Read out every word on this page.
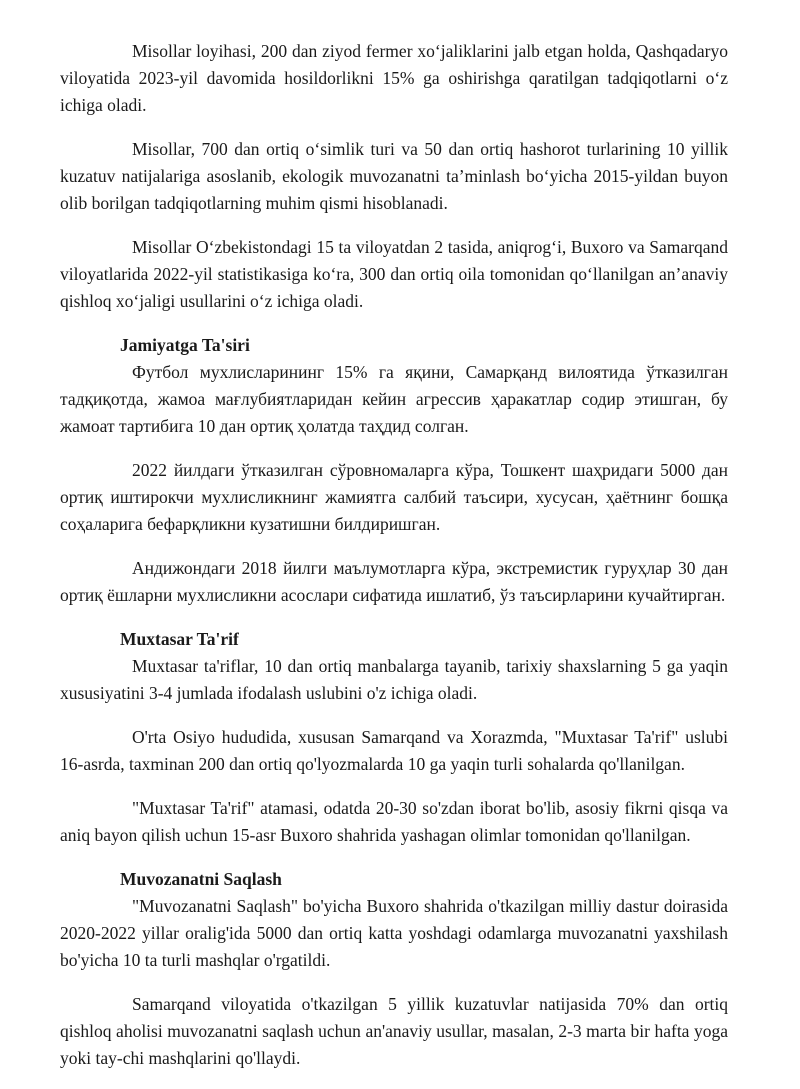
Misollar loyihasi, 200 dan ziyod fermer xo‘jaliklarini jalb etgan holda, Qashqadaryo viloyatida 2023-yil davomida hosildorlikni 15% ga oshirishga qaratilgan tadqiqotlarni o‘z ichiga oladi.

Misollar, 700 dan ortiq o‘simlik turi va 50 dan ortiq hashorot turlarining 10 yillik kuzatuv natijalariga asoslanib, ekologik muvozanatni ta’minlash bo‘yicha 2015-yildan buyon olib borilgan tadqiqotlarning muhim qismi hisoblanadi.

Misollar O‘zbekistondagi 15 ta viloyatdan 2 tasida, aniqrog‘i, Buxoro va Samarqand viloyatlarida 2022-yil statistikasiga ko‘ra, 300 dan ortiq oila tomonidan qo‘llanilgan an’anaviy qishloq xo‘jaligi usullarini o‘z ichiga oladi.

Jamiyatga Ta'siri

Футбол мухлисларининг 15% га яқини, Самарқанд вилоятида ўтказилган тадқиқотда, жамоа мағлубиятларидан кейин агрессив ҳаракатлар содир этишган, бу жамоат тартибига 10 дан ортиқ ҳолатда таҳдид солган.

2022 йилдаги ўтказилган сўровномаларга кўра, Тошкент шаҳридаги 5000 дан ортиқ иштирокчи мухлисликнинг жамиятга салбий таъсири, хусусан, ҳаётнинг бошқа соҳаларига бефарқликни кузатишни билдиришган.

Андижондаги 2018 йилги маълумотларга кўра, экстремистик гуруҳлар 30 дан ортиқ ёшларни мухлисликни асослари сифатида ишлатиб, ўз таъсирларини кучайтирган.

Muxtasar Ta'rif

Muxtasar ta'riflar, 10 dan ortiq manbalarga tayanib, tarixiy shaxslarning 5 ga yaqin xususiyatini 3-4 jumlada ifodalash uslubini o'z ichiga oladi.

O'rta Osiyo hududida, xususan Samarqand va Xorazmda, "Muxtasar Ta'rif" uslubi 16-asrda, taxminan 200 dan ortiq qo'lyozmalarda 10 ga yaqin turli sohalarda qo'llanilgan.

"Muxtasar Ta'rif" atamasi, odatda 20-30 so'zdan iborat bo'lib, asosiy fikrni qisqa va aniq bayon qilish uchun 15-asr Buxoro shahrida yashagan olimlar tomonidan qo'llanilgan.

Muvozanatni Saqlash

"Muvozanatni Saqlash" bo'yicha Buxoro shahrida o'tkazilgan milliy dastur doirasida 2020-2022 yillar oralig'ida 5000 dan ortiq katta yoshdagi odamlarga muvozanatni yaxshilash bo'yicha 10 ta turli mashqlar o'rgatildi.

Samarqand viloyatida o'tkazilgan 5 yillik kuzatuvlar natijasida 70% dan ortiq qishloq aholisi muvozanatni saqlash uchun an'anaviy usullar, masalan, 2-3 marta bir hafta yoga yoki tay-chi mashqlarini qo'llaydi.
